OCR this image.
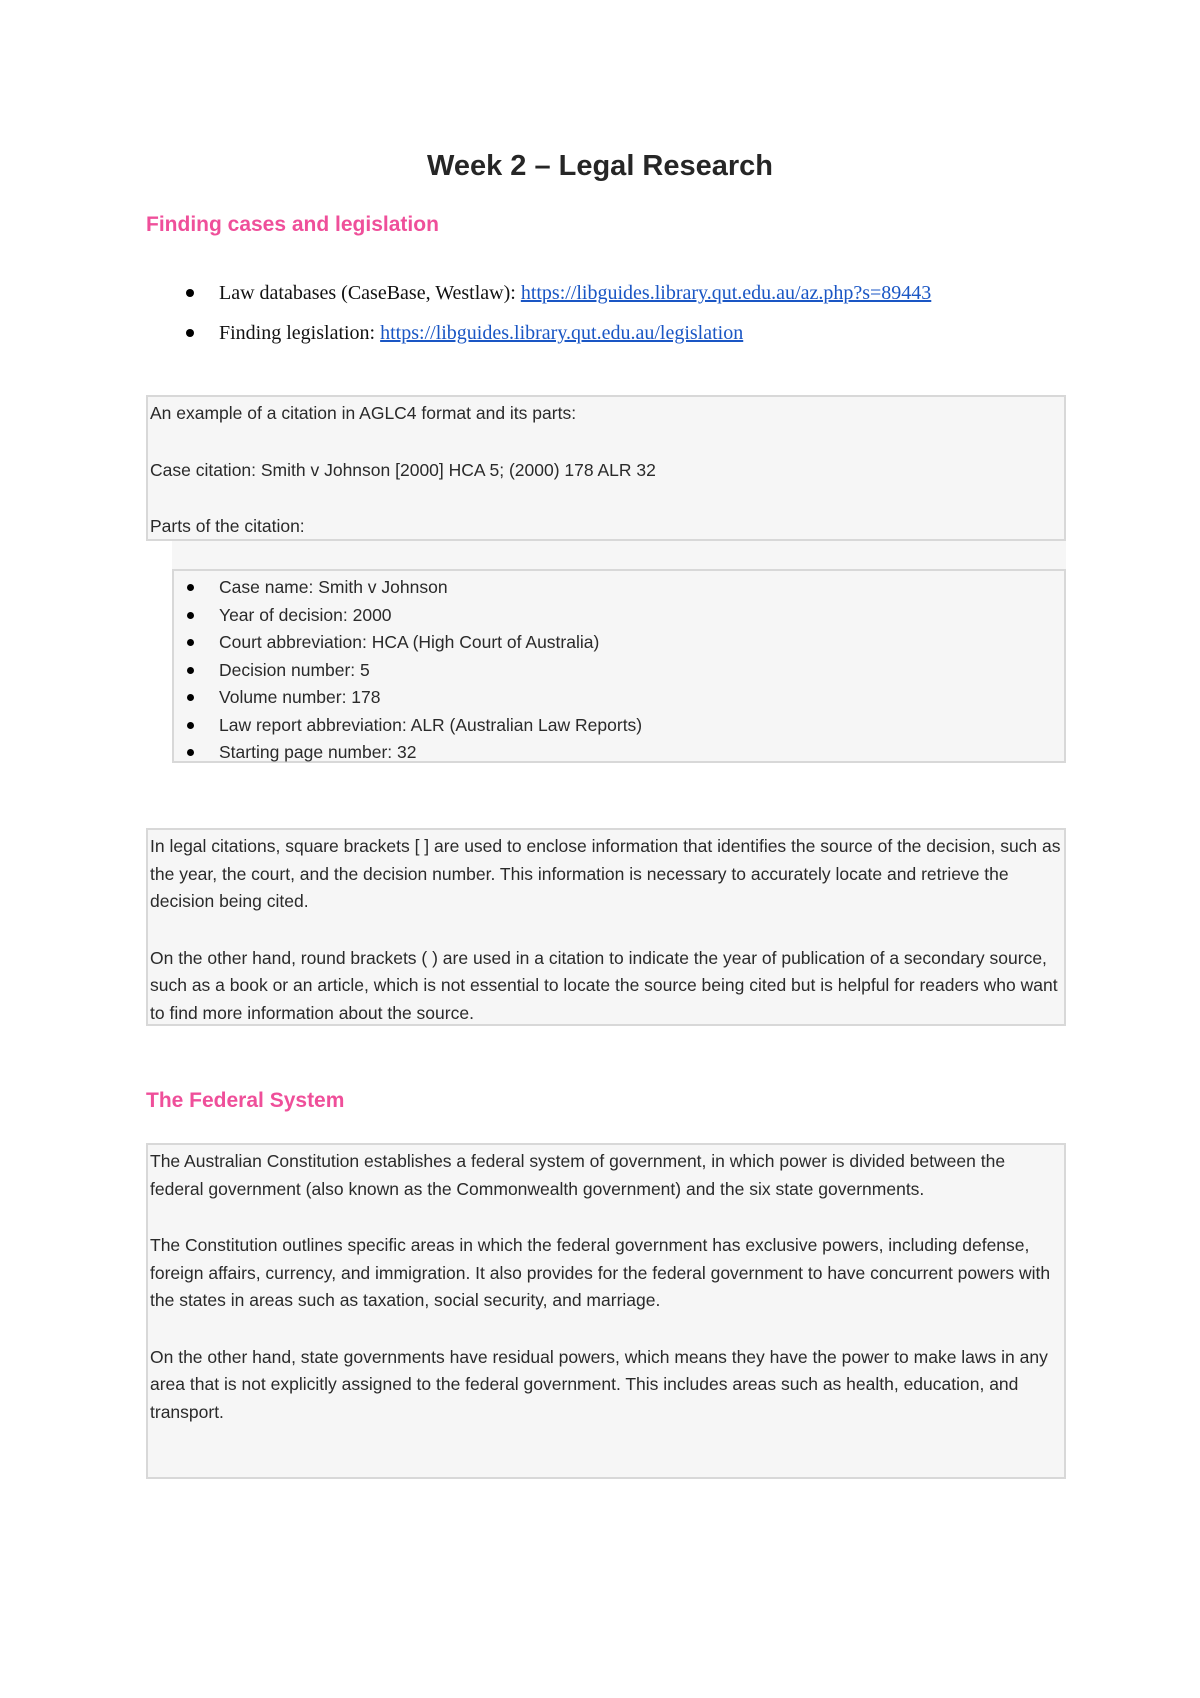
Week 2 – Legal Research
Finding cases and legislation
Law databases (CaseBase, Westlaw): https://libguides.library.qut.edu.au/az.php?s=89443
Finding legislation: https://libguides.library.qut.edu.au/legislation

An example of a citation in AGLC4 format and its parts:

Case citation: Smith v Johnson [2000] HCA 5; (2000) 178 ALR 32

Parts of the citation:

Case name: Smith v Johnson
Year of decision: 2000
Court abbreviation: HCA (High Court of Australia)
Decision number: 5
Volume number: 178
Law report abbreviation: ALR (Australian Law Reports)
Starting page number: 32

In legal citations, square brackets [ ] are used to enclose information that identifies the source of the decision, such as the year, the court, and the decision number. This information is necessary to accurately locate and retrieve the decision being cited.

On the other hand, round brackets ( ) are used in a citation to indicate the year of publication of a secondary source, such as a book or an article, which is not essential to locate the source being cited but is helpful for readers who want to find more information about the source.

The Federal System

The Australian Constitution establishes a federal system of government, in which power is divided between the federal government (also known as the Commonwealth government) and the six state governments.

The Constitution outlines specific areas in which the federal government has exclusive powers, including defense, foreign affairs, currency, and immigration. It also provides for the federal government to have concurrent powers with the states in areas such as taxation, social security, and marriage.

On the other hand, state governments have residual powers, which means they have the power to make laws in any area that is not explicitly assigned to the federal government. This includes areas such as health, education, and transport.
